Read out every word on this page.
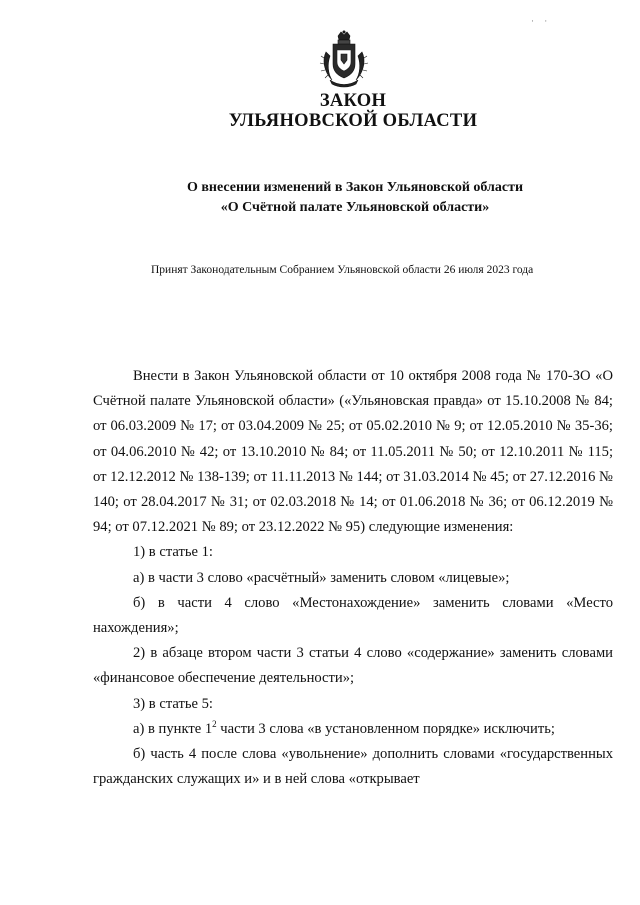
· ·
ЗАКОН
УЛЬЯНОВСКОЙ ОБЛАСТИ
О внесении изменений в Закон Ульяновской области
«О Счётной палате Ульяновской области»
Принят Законодательным Собранием Ульяновской области 26 июля 2023 года

Внести в Закон Ульяновской области от 10 октября 2008 года № 170-ЗО «О Счётной палате Ульяновской области» («Ульяновская правда» от 15.10.2008 № 84; от 06.03.2009 № 17; от 03.04.2009 № 25; от 05.02.2010 № 9; от 12.05.2010 № 35-36; от 04.06.2010 № 42; от 13.10.2010 № 84; от 11.05.2011 № 50; от 12.10.2011 № 115; от 12.12.2012 № 138-139; от 11.11.2013 № 144; от 31.03.2014 № 45; от 27.12.2016 № 140; от 28.04.2017 № 31; от 02.03.2018 № 14; от 01.06.2018 № 36; от 06.12.2019 № 94; от 07.12.2021 № 89; от 23.12.2022 № 95) следующие изменения:

1) в статье 1:

а) в части 3 слово «расчётный» заменить словом «лицевые»;

б) в части 4 слово «Местонахождение» заменить словами «Место нахождения»;

2) в абзаце втором части 3 статьи 4 слово «содержание» заменить словами «финансовое обеспечение деятельности»;

3) в статье 5:

а) в пункте $1^2$ части 3 слова «в установленном порядке» исключить;

б) часть 4 после слова «увольнение» дополнить словами «государственных гражданских служащих и» и в ней слова «открывает
